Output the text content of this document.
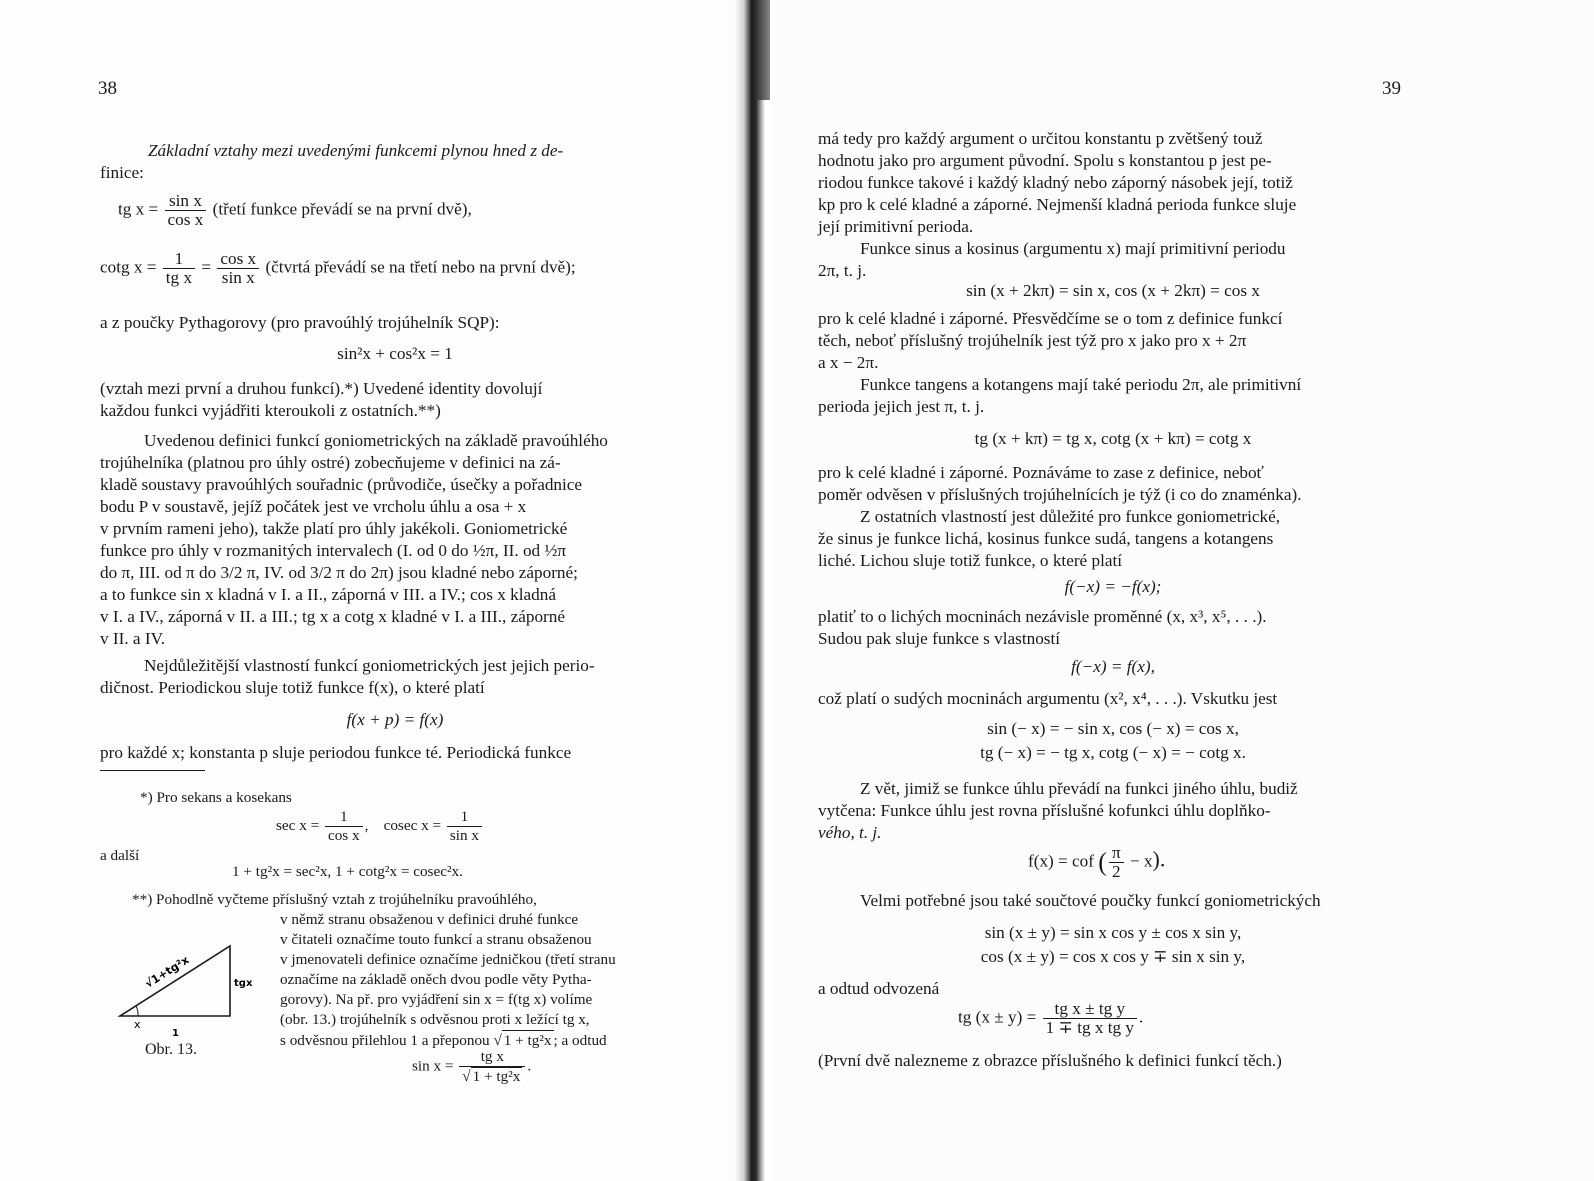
38
Základní vztahy mezi uvedenými funkcemi plynou hned z de-
finice:
tg $x = \frac{\text{sin x}}{\text{cos x}}$ (třetí funkce převádí se na první dvě),
cotg $x = \frac{1}{\text{tg x}} = \frac{\text{cos x}}{\text{sin x}}$ (čtvrtá převádí se na třetí nebo na první dvě);
a z poučky Pythagorovy (pro pravoúhlý trojúhelník SQP):
sin²x + cos²x = 1
(vztah mezi první a druhou funkcí).*) Uvedené identity dovolují
každou funkci vyjádřiti kteroukoli z ostatních.**)
Uvedenou definici funkcí goniometrických na základě pravoúhlého
trojúhelníka (platnou pro úhly ostré) zobecňujeme v definici na zá-
kladě soustavy pravoúhlých souřadnic (průvodiče, úsečky a pořadnice
bodu P v soustavě, jejíž počátek jest ve vrcholu úhlu a osa + x
v prvním rameni jeho), takže platí pro úhly jakékoli. Goniometrické
funkce pro úhly v rozmanitých intervalech (I. od 0 do ½π, II. od ½π
do π, III. od π do 3/2 π, IV. od 3/2 π do 2π) jsou kladné nebo záporné;
a to funkce sin x kladná v I. a II., záporná v III. a IV.; cos x kladná
v I. a IV., záporná v II. a III.; tg x a cotg x kladné v I. a III., záporné
v II. a IV.
Nejdůležitější vlastností funkcí goniometrických jest jejich perio-
dičnost. Periodickou sluje totiž funkce f(x), o které platí
f(x + p) = f(x)
pro každé x; konstanta p sluje periodou funkce té. Periodická funkce
*) Pro sekans a kosekans
$\sec x = \frac{1}{\text{cos x}}$ , cosec $x = \frac{1}{\text{sin x}}$
a další
1 + tg²x = sec²x, 1 + cotg²x = cosec²x.
**) Pohodlně vyčteme příslušný vztah z trojúhelníku pravoúhlého,
v němž stranu obsaženou v definici druhé funkce
v čitateli označíme touto funkcí a stranu obsaženou
v jmenovateli definice označíme jedničkou (třetí stranu
označíme na základě oněch dvou podle věty Pytha-
gorovy). Na př. pro vyjádření sin x = f(tg x) volíme
(obr. 13.) trojúhelník s odvěsnou proti x ležící tg x,
s odvěsnou přilehlou 1 a přeponou √ 1 + tg²x ; a odtud
$\sin x = \frac{\text{tg x}}{\text{√ 1 + tg²x}}$ .
√1+tg²x	tgx
x
1
Obr. 13.
39
má tedy pro každý argument o určitou konstantu p zvětšený touž
hodnotu jako pro argument původní. Spolu s konstantou p jest pe-
riodou funkce takové i každý kladný nebo záporný násobek její, totiž
kp pro k celé kladné a záporné. Nejmenší kladná perioda funkce sluje
její primitivní perioda.
Funkce sinus a kosinus (argumentu x) mají primitivní periodu
2π, t. j.
sin (x + 2kπ) = sin x, cos (x + 2kπ) = cos x
pro k celé kladné i záporné. Přesvědčíme se o tom z definice funkcí
těch, neboť příslušný trojúhelník jest týž pro x jako pro x + 2π
a x − 2π.
Funkce tangens a kotangens mají také periodu 2π, ale primitivní
perioda jejich jest π, t. j.
tg (x + kπ) = tg x, cotg (x + kπ) = cotg x
pro k celé kladné i záporné. Poznáváme to zase z definice, neboť
poměr odvěsen v příslušných trojúhelnících je týž (i co do znaménka).
Z ostatních vlastností jest důležité pro funkce goniometrické,
že sinus je funkce lichá, kosinus funkce sudá, tangens a kotangens
liché. Lichou sluje totiž funkce, o které platí
f(−x) = −f(x);
platiť to o lichých mocninách nezávisle proměnné (x, x³, x⁵, . . .).
Sudou pak sluje funkce s vlastností
f(−x) = f(x),
což platí o sudých mocninách argumentu (x², x⁴, . . .). Vskutku jest
sin (− x) = − sin x, cos (− x) = cos x,
tg (− x) = − tg x, cotg (− x) = − cotg x.
Z vět, jimiž se funkce úhlu převádí na funkci jiného úhlu, budiž
vytčena: Funkce úhlu jest rovna příslušné kofunkci úhlu doplňko-
vého, t. j.
f(x) = cof ( $\frac{\pi}{2} - x$).
Velmi potřebné jsou také součtové poučky funkcí goniometrických
sin (x ± y) = sin x cos y ± cos x sin y,
cos (x ± y) = cos x cos y ∓ sin x sin y,
a odtud odvozená
tg $(x \pm y) = \frac{\text{tg x ± tg y}}{\text{1 ∓ tg x tg y}}$ .
(První dvě nalezneme z obrazce příslušného k definici funkcí těch.)
